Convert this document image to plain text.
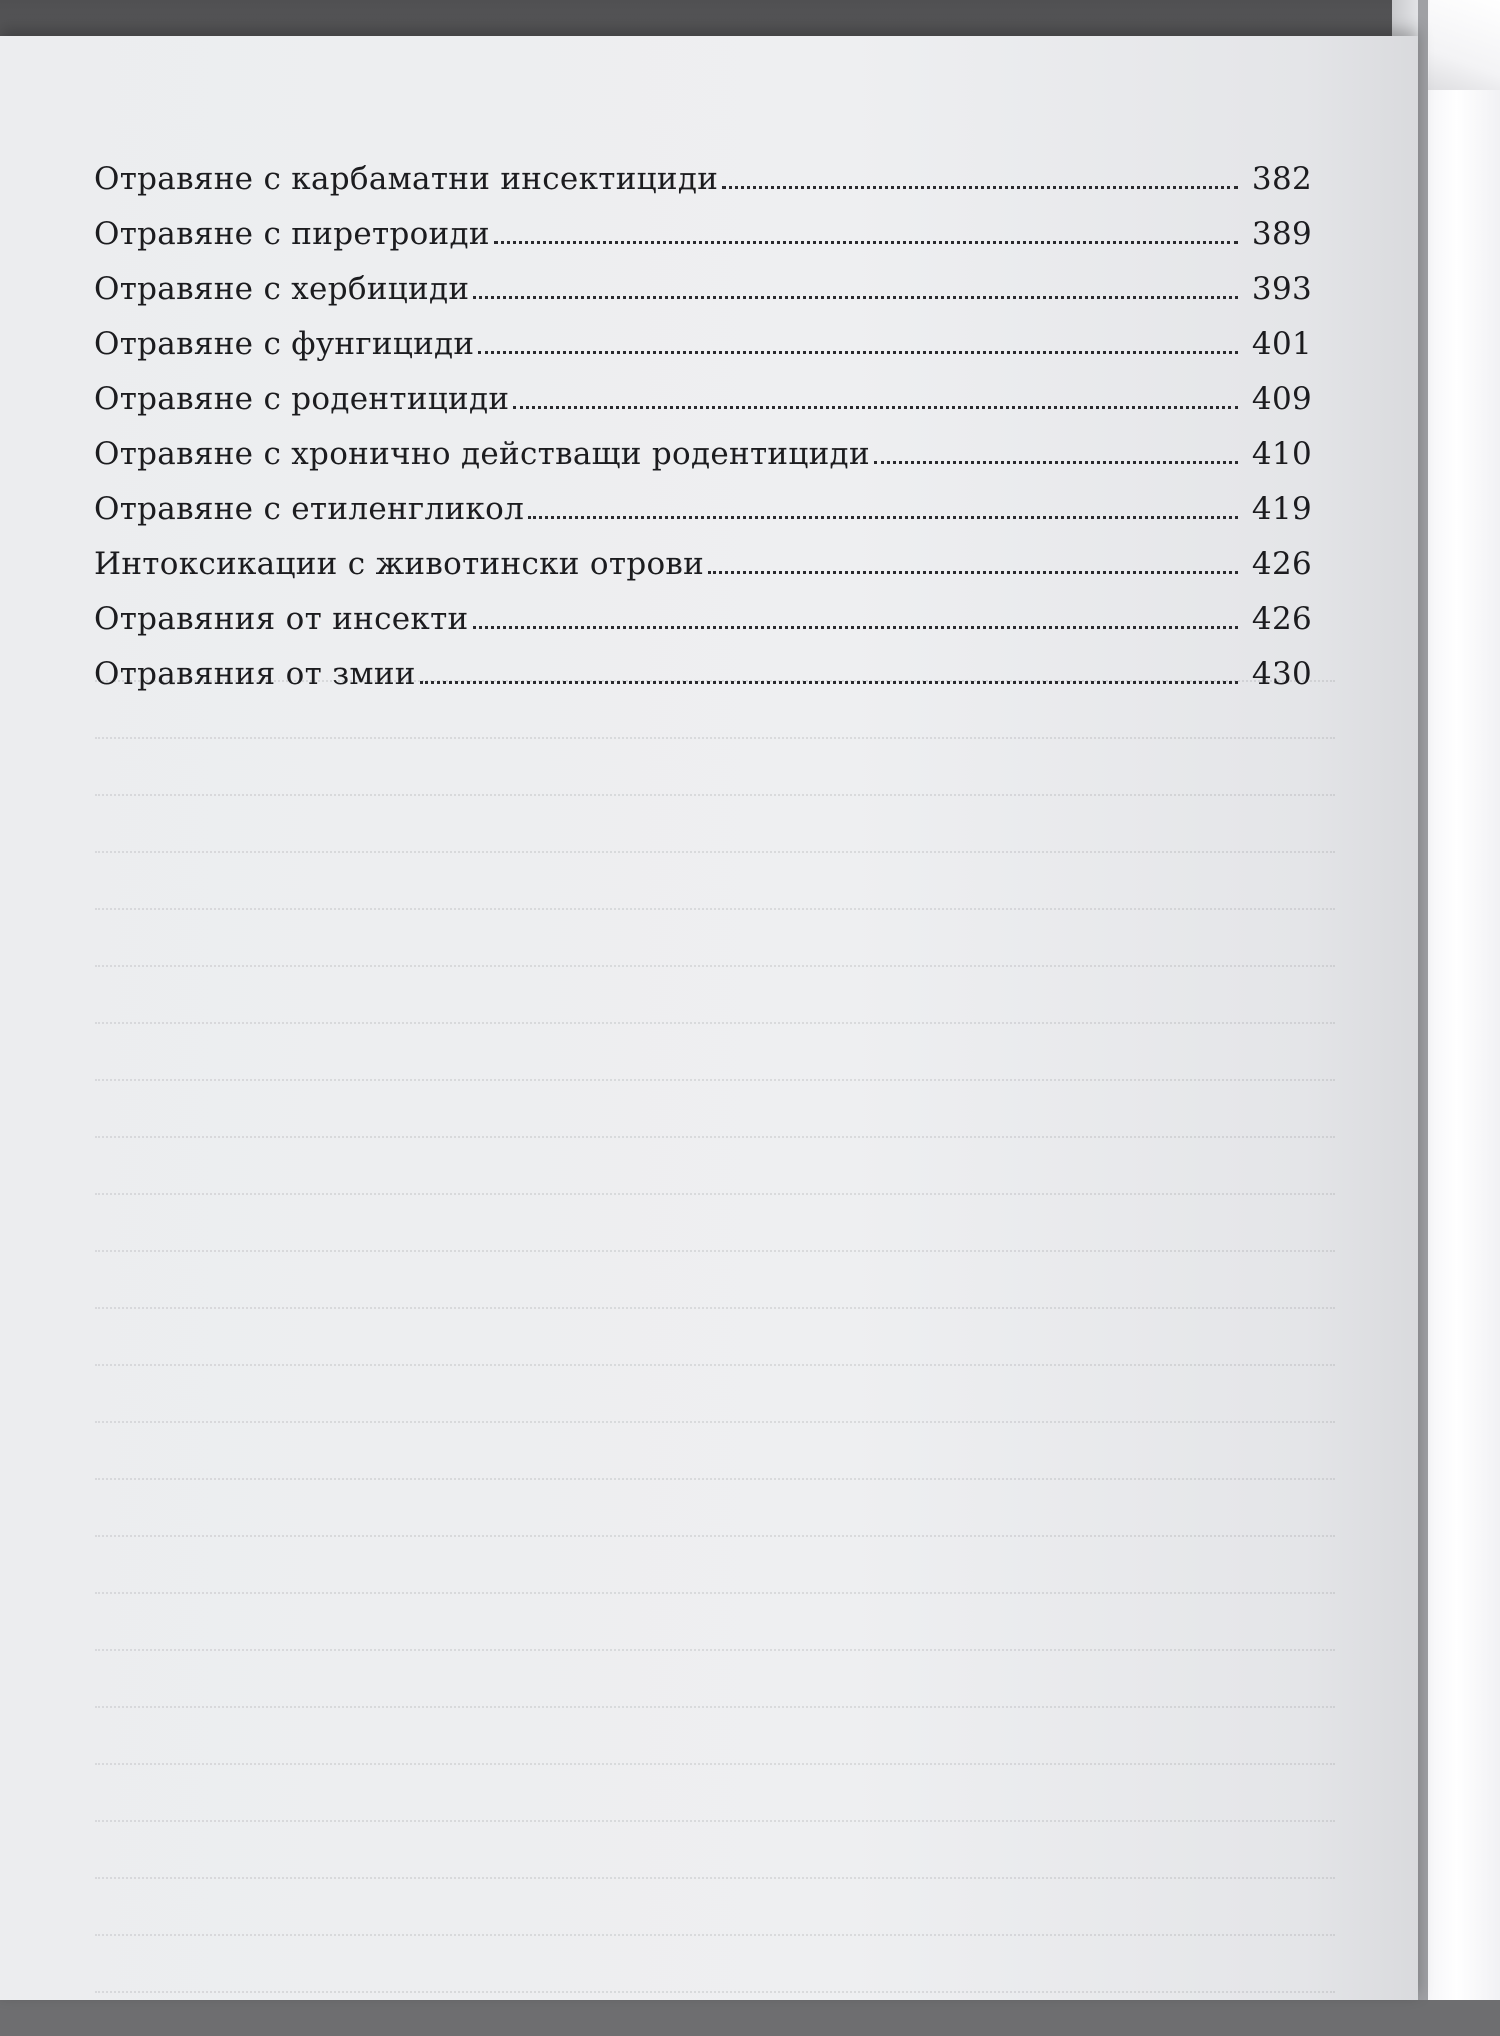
Отравяне с карбаматни инсектициди	382
Отравяне с пиретроиди	389
Отравяне с хербициди	393
Отравяне с фунгициди	401
Отравяне с родентициди	409
Отравяне с хронично действащи родентициди	410
Отравяне с етиленгликол	419
Интоксикации с животински отрови	426
Отравяния от инсекти	426
Отравяния от змии	430
